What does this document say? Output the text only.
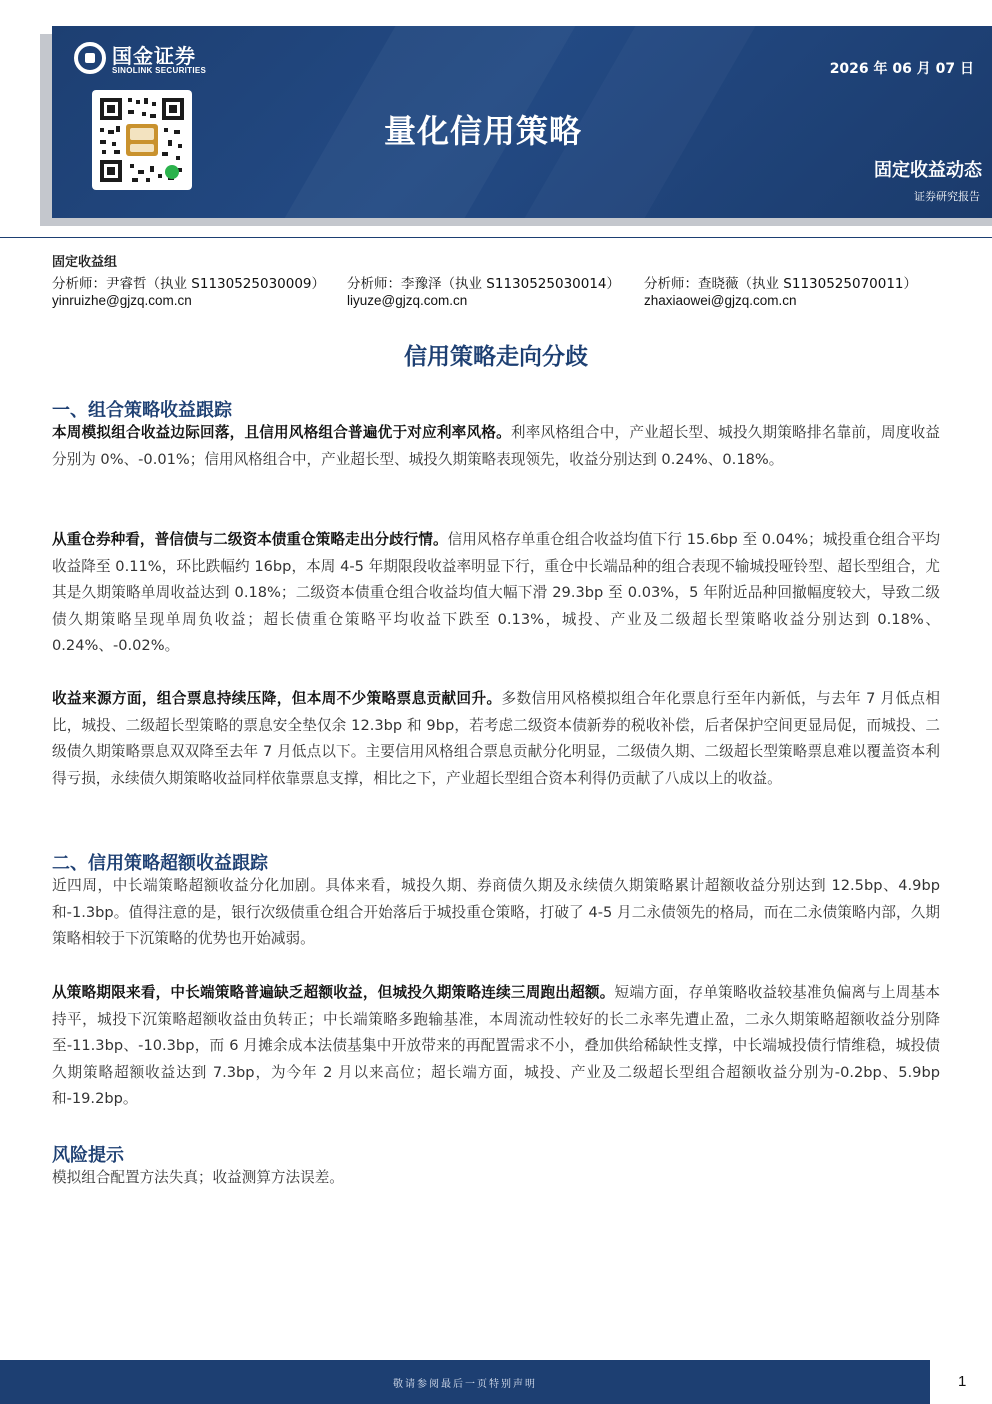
国金证券
SINOLINK SECURITIES	2026 年 06 月 07 日
量化信用策略
固定收益动态
证券研究报告
固定收益组
分析师：尹睿哲（执业 S1130525030009） 分析师：李豫泽（执业 S1130525030014） 分析师：查晓薇（执业 S1130525070011）
yinruizhe@gjzq.com.cn	liyuze@gjzq.com.cn	zhaxiaowei@gjzq.com.cn
信用策略走向分歧
一、组合策略收益跟踪
本周模拟组合收益边际回落，且信用风格组合普遍优于对应利率风格。利率风格组合中，产业超长型、城投久期策略排名靠前，周度收益分别为 0%、-0.01%；信用风格组合中，产业超长型、城投久期策略表现领先，收益分别达到 0.24%、0.18%。
从重仓券种看，普信债与二级资本债重仓策略走出分歧行情。信用风格存单重仓组合收益均值下行 15.6bp 至 0.04%；城投重仓组合平均收益降至 0.11%，环比跌幅约 16bp，本周 4-5 年期限段收益率明显下行，重仓中长端品种的组合表现不输城投哑铃型、超长型组合，尤其是久期策略单周收益达到 0.18%；二级资本债重仓组合收益均值大幅下滑 29.3bp 至 0.03%，5 年附近品种回撤幅度较大，导致二级债久期策略呈现单周负收益；超长债重仓策略平均收益下跌至 0.13%，城投、产业及二级超长型策略收益分别达到 0.18%、0.24%、-0.02%。
收益来源方面，组合票息持续压降，但本周不少策略票息贡献回升。多数信用风格模拟组合年化票息行至年内新低，与去年 7 月低点相比，城投、二级超长型策略的票息安全垫仅余 12.3bp 和 9bp，若考虑二级资本债新券的税收补偿，后者保护空间更显局促，而城投、二级债久期策略票息双双降至去年 7 月低点以下。主要信用风格组合票息贡献分化明显，二级债久期、二级超长型策略票息难以覆盖资本利得亏损，永续债久期策略收益同样依靠票息支撑，相比之下，产业超长型组合资本利得仍贡献了八成以上的收益。
二、信用策略超额收益跟踪
近四周，中长端策略超额收益分化加剧。具体来看，城投久期、券商债久期及永续债久期策略累计超额收益分别达到 12.5bp、4.9bp 和-1.3bp。值得注意的是，银行次级债重仓组合开始落后于城投重仓策略，打破了 4-5 月二永债领先的格局，而在二永债策略内部，久期策略相较于下沉策略的优势也开始减弱。
从策略期限来看，中长端策略普遍缺乏超额收益，但城投久期策略连续三周跑出超额。短端方面，存单策略收益较基准负偏离与上周基本持平，城投下沉策略超额收益由负转正；中长端策略多跑输基准，本周流动性较好的长二永率先遭止盈，二永久期策略超额收益分别降至-11.3bp、-10.3bp，而 6 月摊余成本法债基集中开放带来的再配置需求不小，叠加供给稀缺性支撑，中长端城投债行情维稳，城投债久期策略超额收益达到 7.3bp，为今年 2 月以来高位；超长端方面，城投、产业及二级超长型组合超额收益分别为-0.2bp、5.9bp 和-19.2bp。
风险提示
模拟组合配置方法失真；收益测算方法误差。
敬请参阅最后一页特别声明	1
